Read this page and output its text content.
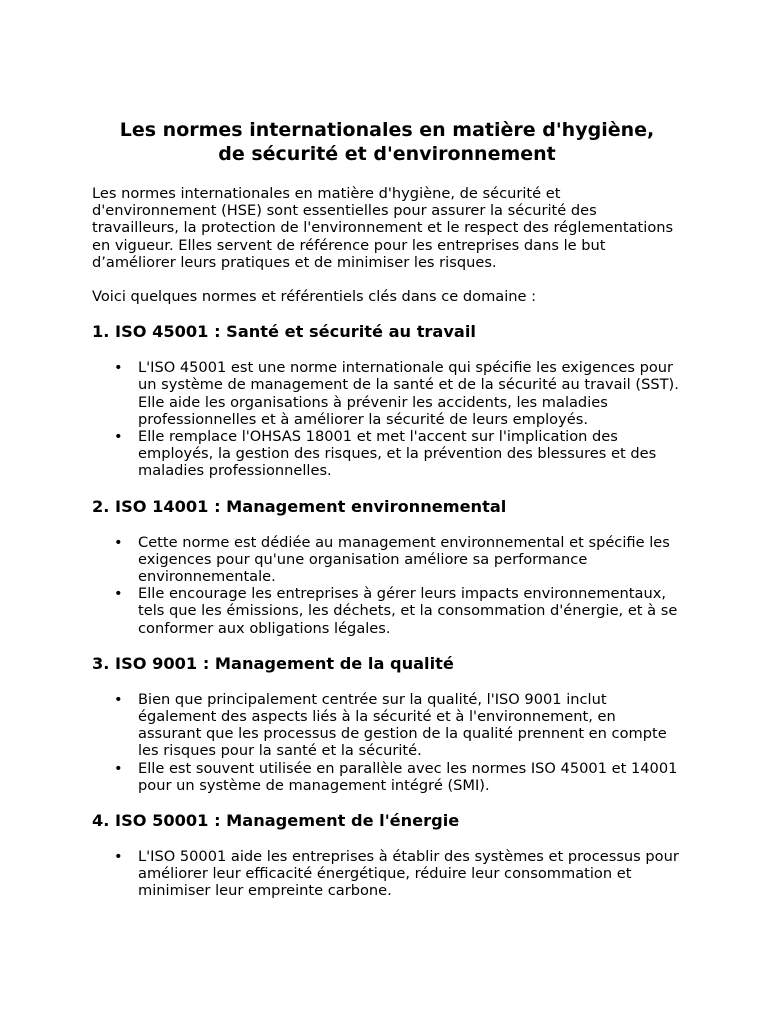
Les normes internationales en matière d'hygiène,
de sécurité et d'environnement

Les normes internationales en matière d'hygiène, de sécurité et d'environnement (HSE) sont essentielles pour assurer la sécurité des travailleurs, la protection de l'environnement et le respect des réglementations en vigueur. Elles servent de référence pour les entreprises dans le but d’améliorer leurs pratiques et de minimiser les risques.

Voici quelques normes et référentiels clés dans ce domaine :

1. ISO 45001 : Santé et sécurité au travail
• L'ISO 45001 est une norme internationale qui spécifie les exigences pour un système de management de la santé et de la sécurité au travail (SST). Elle aide les organisations à prévenir les accidents, les maladies professionnelles et à améliorer la sécurité de leurs employés.
• Elle remplace l'OHSAS 18001 et met l'accent sur l'implication des employés, la gestion des risques, et la prévention des blessures et des maladies professionnelles.
2. ISO 14001 : Management environnemental
• Cette norme est dédiée au management environnemental et spécifie les exigences pour qu'une organisation améliore sa performance environnementale.
• Elle encourage les entreprises à gérer leurs impacts environnementaux, tels que les émissions, les déchets, et la consommation d'énergie, et à se conformer aux obligations légales.
3. ISO 9001 : Management de la qualité
• Bien que principalement centrée sur la qualité, l'ISO 9001 inclut également des aspects liés à la sécurité et à l'environnement, en assurant que les processus de gestion de la qualité prennent en compte les risques pour la santé et la sécurité.
• Elle est souvent utilisée en parallèle avec les normes ISO 45001 et 14001 pour un système de management intégré (SMI).
4. ISO 50001 : Management de l'énergie
• L'ISO 50001 aide les entreprises à établir des systèmes et processus pour améliorer leur efficacité énergétique, réduire leur consommation et minimiser leur empreinte carbone.
